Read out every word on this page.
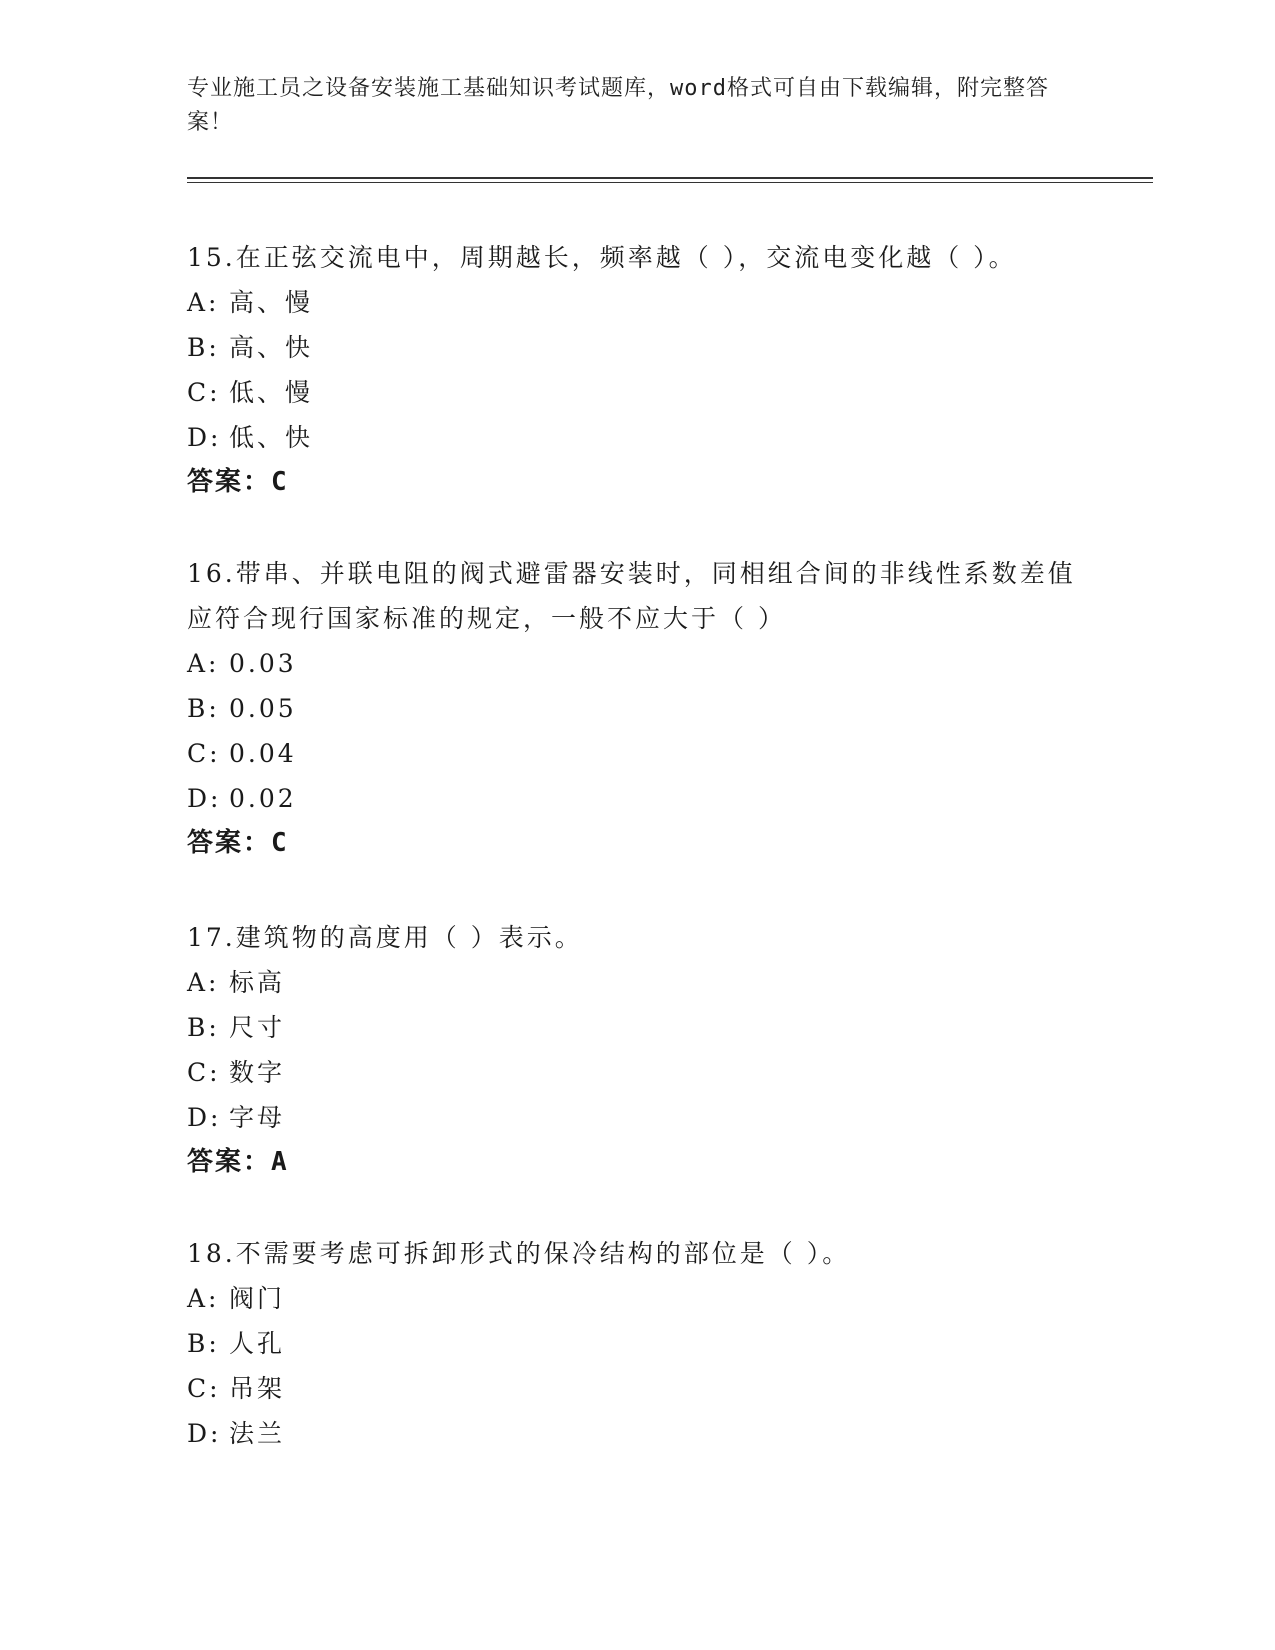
专业施工员之设备安装施工基础知识考试题库，word格式可自由下载编辑，附完整答案！

15.在正弦交流电中，周期越长，频率越（ ），交流电变化越（ ）。

A: 高、慢
B: 高、快
C: 低、慢
D: 低、快
答案：C

16.带串、并联电阻的阀式避雷器安装时，同相组合间的非线性系数差值应符合现行国家标准的规定，一般不应大于（ ）

A: 0.03
B: 0.05
C: 0.04
D: 0.02
答案：C

17.建筑物的高度用（ ）表示。

A: 标高
B: 尺寸
C: 数字
D: 字母
答案：A

18.不需要考虑可拆卸形式的保冷结构的部位是（ ）。

A: 阀门
B: 人孔
C: 吊架
D: 法兰
